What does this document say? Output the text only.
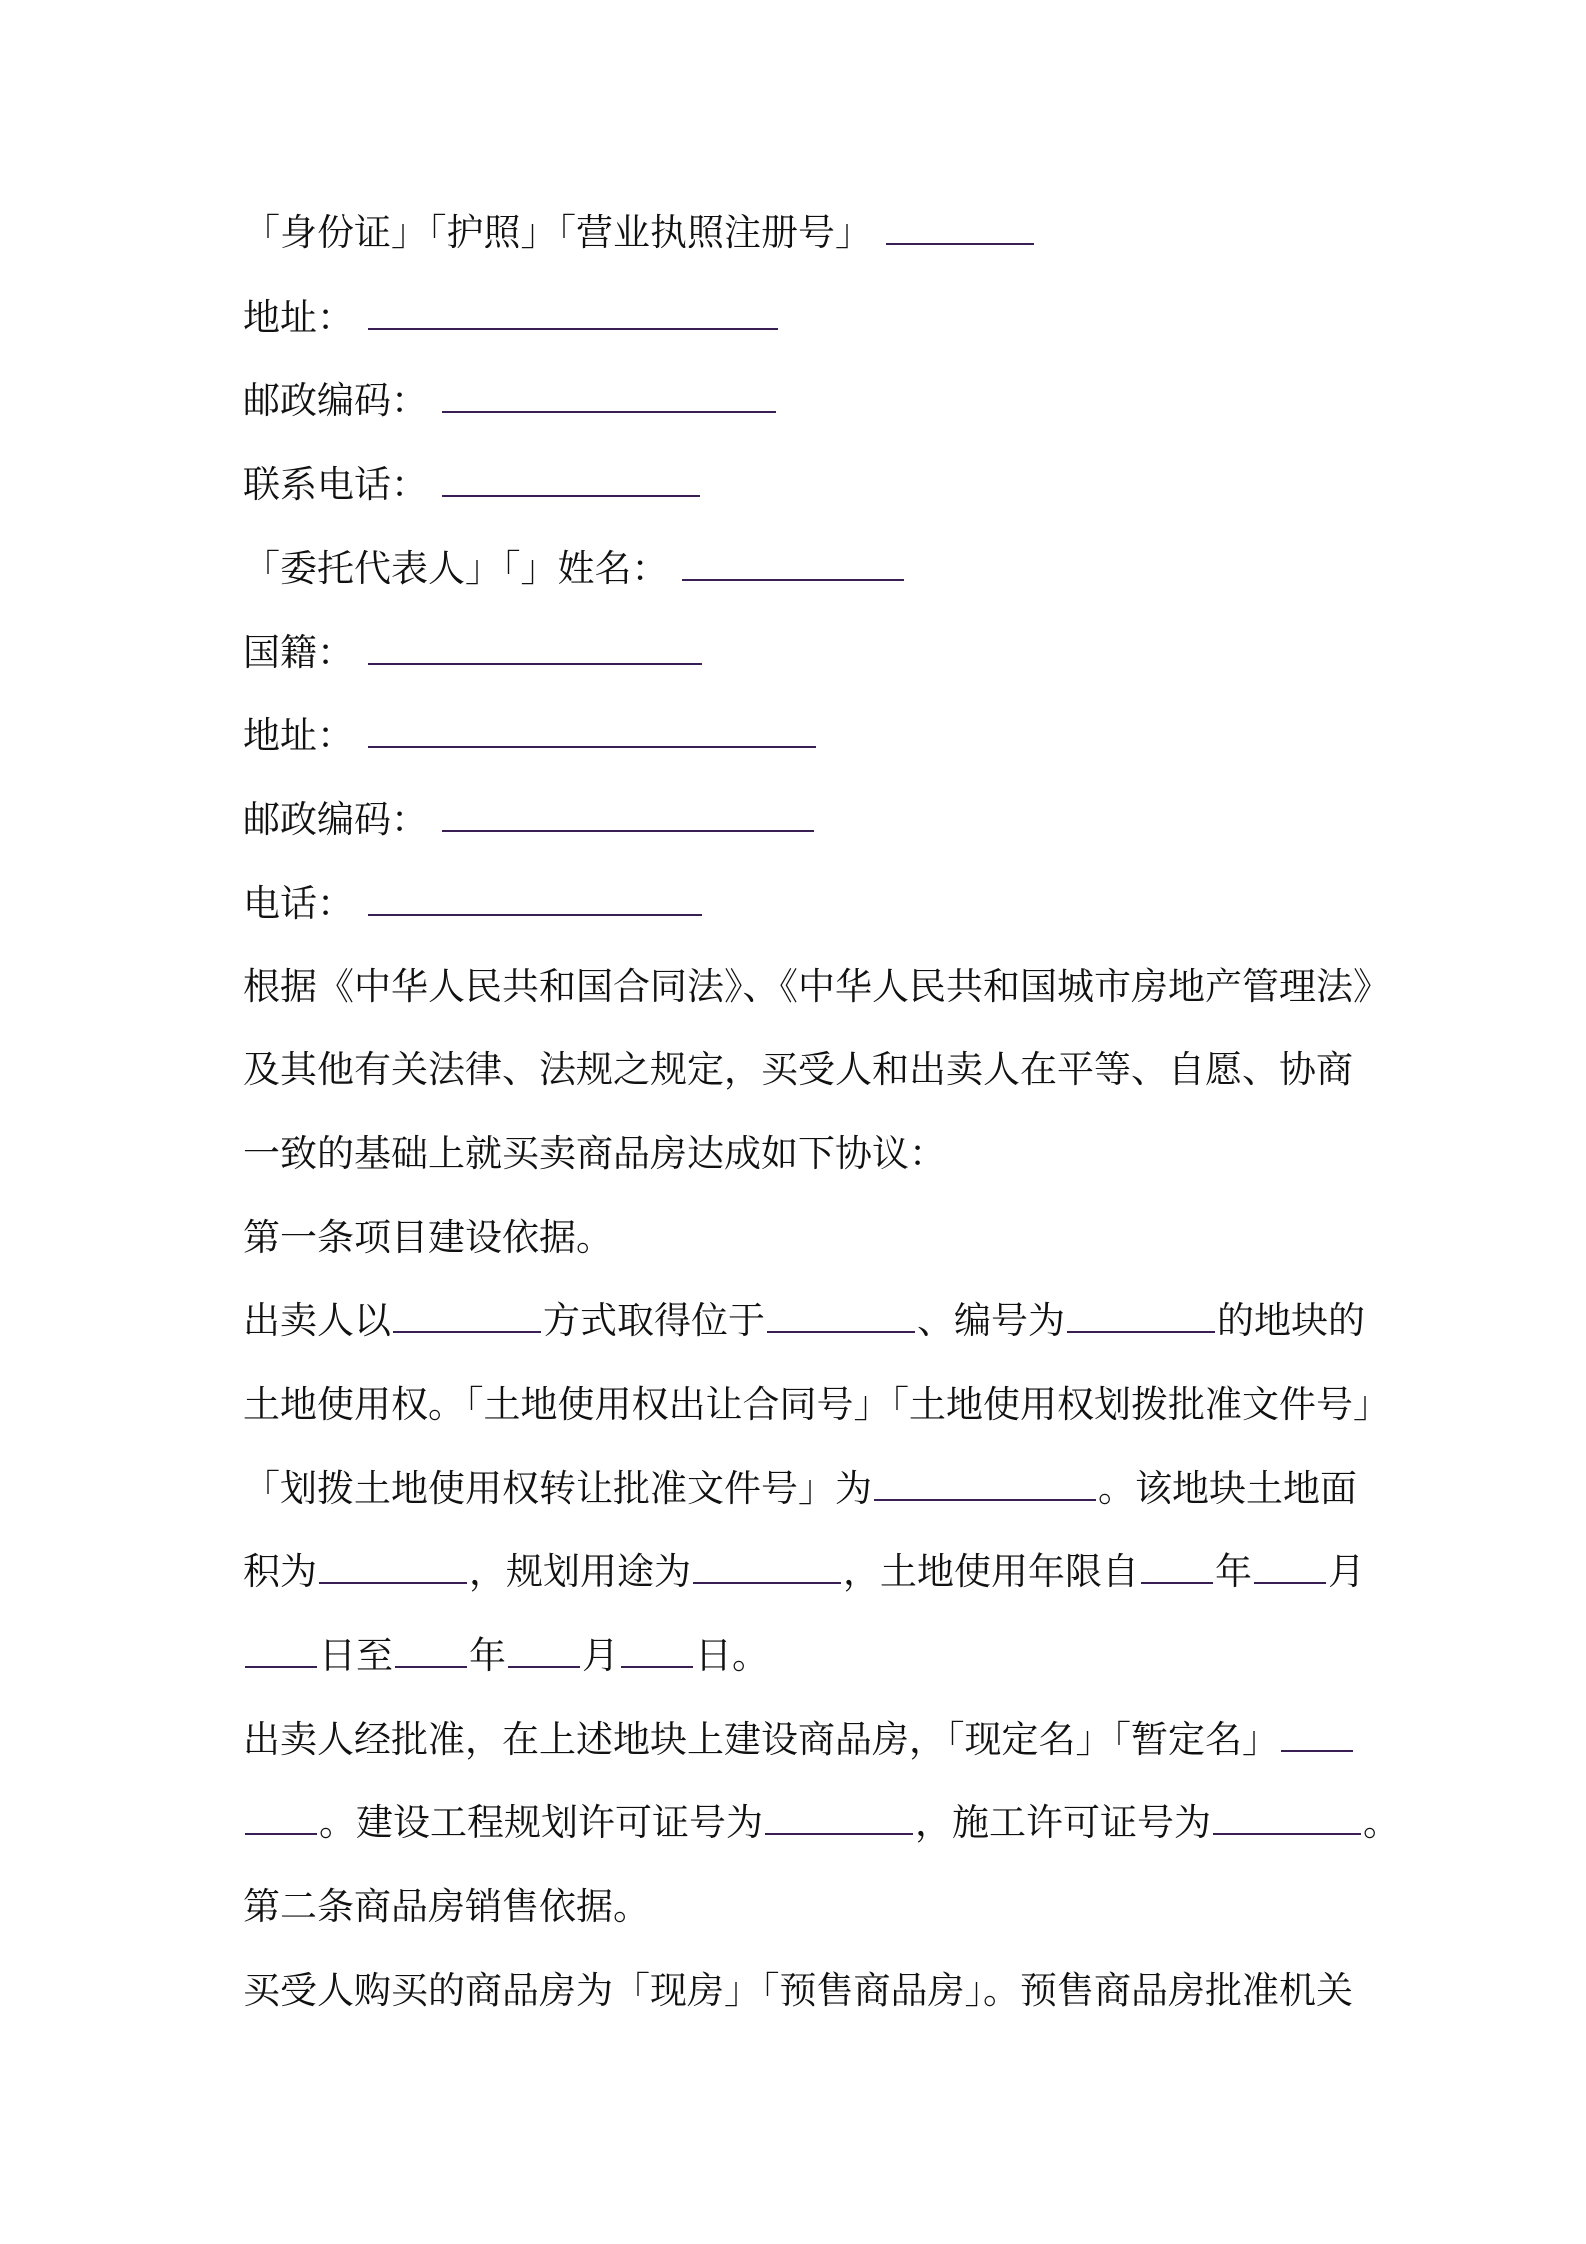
「身份证」「护照」「营业执照注册号」
地址：
邮政编码：
联系电话：
「委托代表人」「」姓名：
国籍：
地址：
邮政编码：
电话：
根据《中华人民共和国合同法》、《中华人民共和国城市房地产管理法》
及其他有关法律、法规之规定，买受人和出卖人在平等、自愿、协商
一致的基础上就买卖商品房达成如下协议：
第一条项目建设依据。
出卖人以	方式取得位于	、编号为	的地块的
土地使用权。「土地使用权出让合同号」「土地使用权划拨批准文件号」
「划拨土地使用权转让批准文件号」为	。该地块土地面
积为	，规划用途为	，土地使用年限自 年 月
日至 年 月 日。
出卖人经批准，在上述地块上建设商品房，「现定名」「暂定名」
。建设工程规划许可证号为	，施工许可证号为	。
第二条商品房销售依据。
买受人购买的商品房为「现房」「预售商品房」。预售商品房批准机关
